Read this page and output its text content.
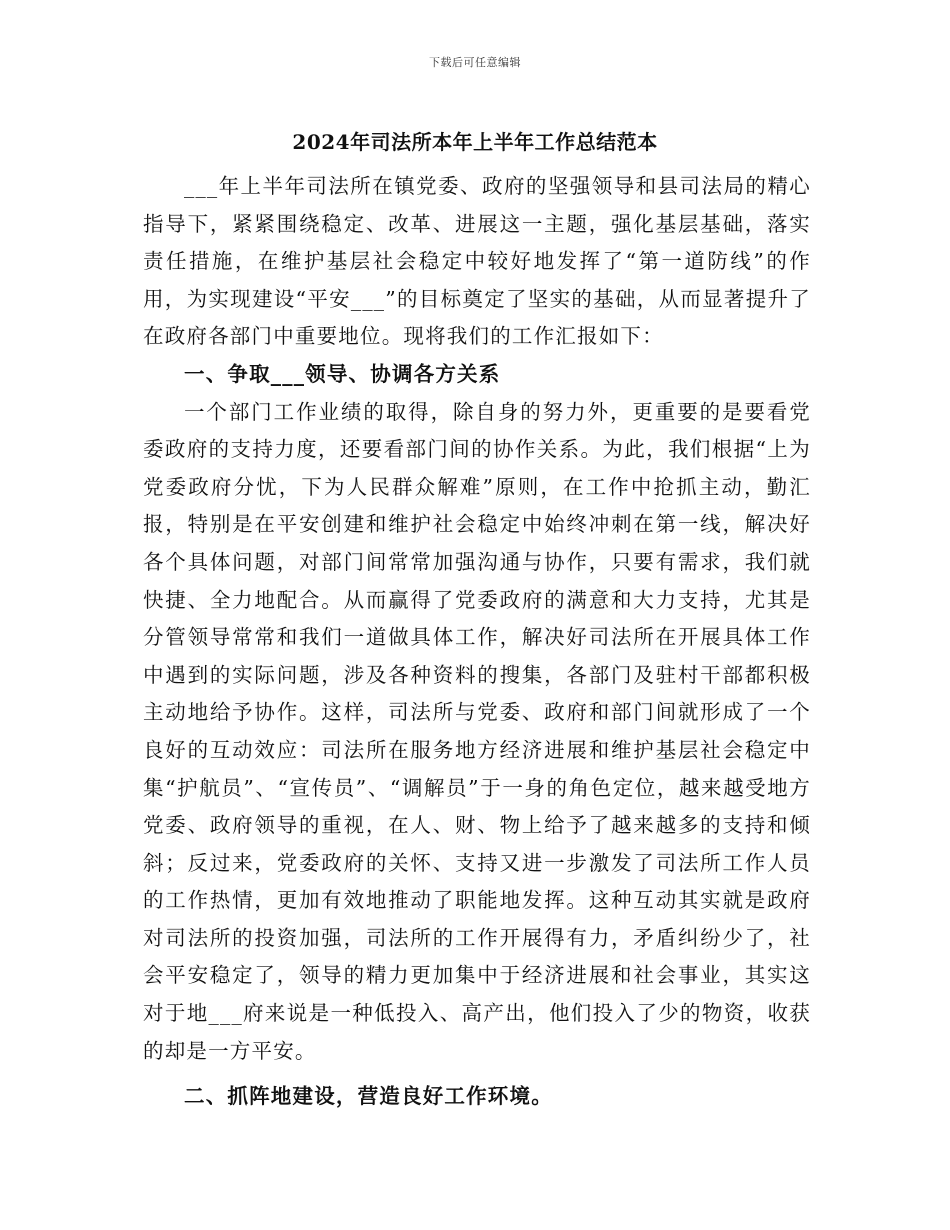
下载后可任意编辑
2024年司法所本年上半年工作总结范本

___年上半年司法所在镇党委、政府的坚强领导和县司法局的精心指导下，紧紧围绕稳定、改革、进展这一主题，强化基层基础，落实责任措施，在维护基层社会稳定中较好地发挥了“第一道防线”的作用，为实现建设“平安___”的目标奠定了坚实的基础，从而显著提升了在政府各部门中重要地位。现将我们的工作汇报如下：

一、争取___领导、协调各方关系

一个部门工作业绩的取得，除自身的努力外，更重要的是要看党委政府的支持力度，还要看部门间的协作关系。为此，我们根据“上为党委政府分忧，下为人民群众解难”原则，在工作中抢抓主动，勤汇报，特别是在平安创建和维护社会稳定中始终冲刺在第一线，解决好各个具体问题，对部门间常常加强沟通与协作，只要有需求，我们就快捷、全力地配合。从而赢得了党委政府的满意和大力支持，尤其是分管领导常常和我们一道做具体工作，解决好司法所在开展具体工作中遇到的实际问题，涉及各种资料的搜集，各部门及驻村干部都积极主动地给予协作。这样，司法所与党委、政府和部门间就形成了一个良好的互动效应：司法所在服务地方经济进展和维护基层社会稳定中集“护航员”、“宣传员”、“调解员”于一身的角色定位，越来越受地方党委、政府领导的重视，在人、财、物上给予了越来越多的支持和倾斜；反过来，党委政府的关怀、支持又进一步激发了司法所工作人员的工作热情，更加有效地推动了职能地发挥。这种互动其实就是政府对司法所的投资加强，司法所的工作开展得有力，矛盾纠纷少了，社会平安稳定了，领导的精力更加集中于经济进展和社会事业，其实这对于地___府来说是一种低投入、高产出，他们投入了少的物资，收获的却是一方平安。

二、抓阵地建设，营造良好工作环境。
